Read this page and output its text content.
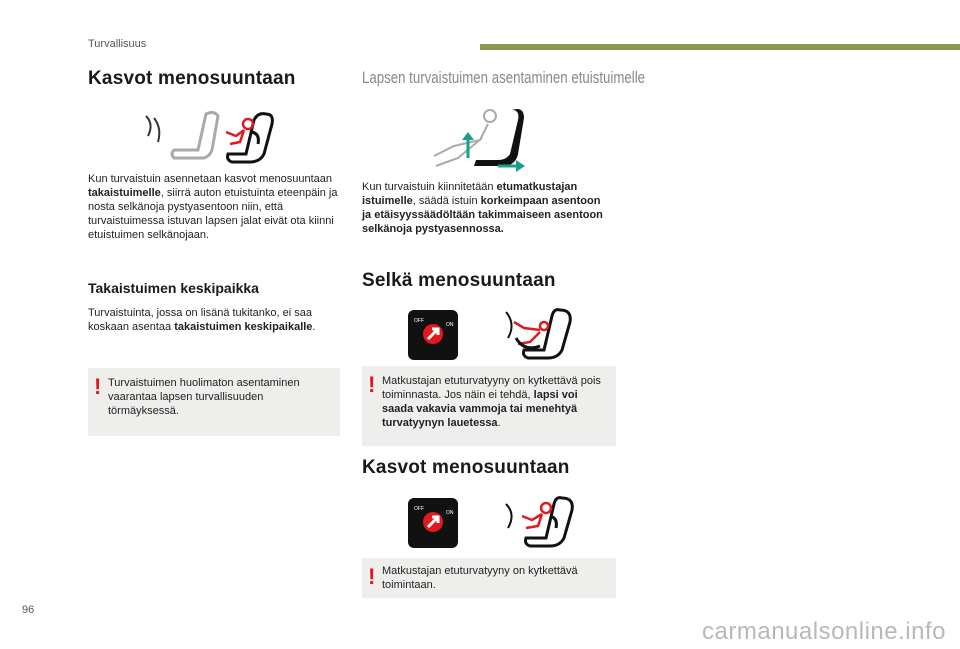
Turvallisuus
Kasvot menosuuntaan
Kun turvaistuin asennetaan kasvot menosuuntaan takaistuimelle, siirrä auton etuistuinta eteenpäin ja nosta selkänoja pystyasentoon niin, että turvaistuimessa istuvan lapsen jalat eivät ota kiinni etuistuimen selkänojaan.
Takaistuimen keskipaikka
Turvaistuinta, jossa on lisänä tukitanko, ei saa koskaan asentaa takaistuimen keskipaikalle.
! Turvaistuimen huolimaton asentaminen vaarantaa lapsen turvallisuuden törmäyksessä.
Lapsen turvaistuimen asentaminen etuistuimelle
Kun turvaistuin kiinnitetään etumatkustajan istuimelle, säädä istuin korkeimpaan asentoon ja etäisyyssäädöltään takimmaiseen asentoon selkänoja pystyasennossa.
Selkä menosuuntaan
OFF
ON
! Matkustajan etuturvatyyny on kytkettävä pois toiminnasta. Jos näin ei tehdä, lapsi voi saada vakavia vammoja tai menehtyä turvatyynyn lauetessa.
Kasvot menosuuntaan
OFF
ON
! Matkustajan etuturvatyyny on kytkettävä toimintaan.
96
carmanualsonline.info
